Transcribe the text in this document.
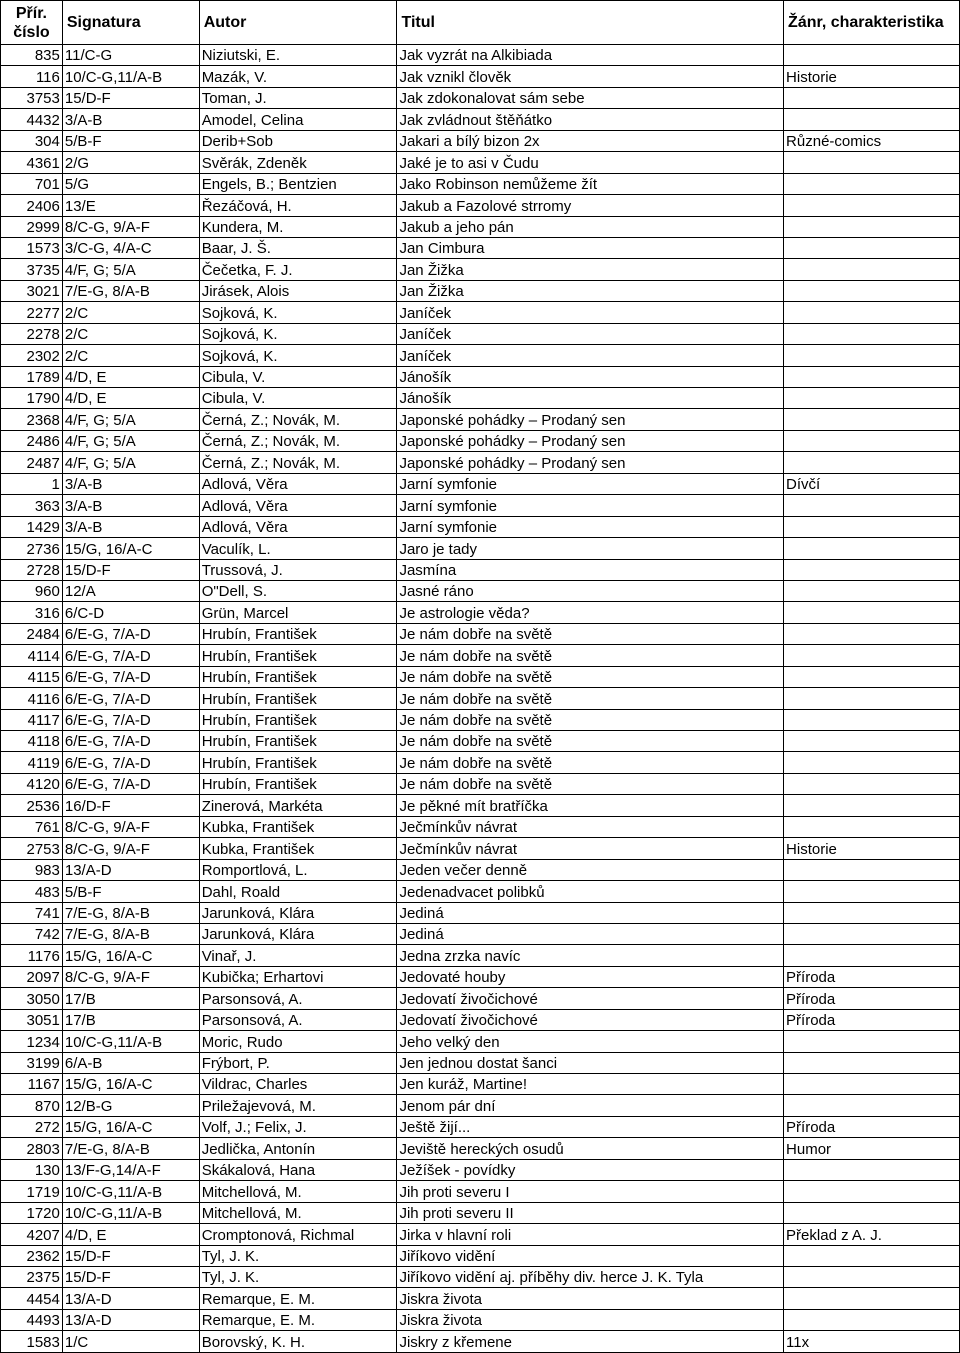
Přír.
číslo	Signatura	Autor	Titul	Žánr, charakteristika
835	11/C-G	Niziutski, E.	Jak vyzrát na Alkibiada	
116	10/C-G,11/A-B	Mazák, V.	Jak vznikl člověk	Historie
3753	15/D-F	Toman, J.	Jak zdokonalovat sám sebe	
4432	3/A-B	Amodel, Celina	Jak zvládnout štěňátko	
304	5/B-F	Derib+Sob	Jakari a bílý bizon 2x	Různé-comics
4361	2/G	Svěrák, Zdeněk	Jaké je to asi v Čudu	
701	5/G	Engels, B.; Bentzien	Jako Robinson nemůžeme žít	
2406	13/E	Řezáčová, H.	Jakub a Fazolové strromy	
2999	8/C-G, 9/A-F	Kundera, M.	Jakub a jeho pán	
1573	3/C-G, 4/A-C	Baar, J. Š.	Jan Cimbura	
3735	4/F, G; 5/A	Čečetka, F. J.	Jan Žižka	
3021	7/E-G, 8/A-B	Jirásek, Alois	Jan Žižka	
2277	2/C	Sojková, K.	Janíček	
2278	2/C	Sojková, K.	Janíček	
2302	2/C	Sojková, K.	Janíček	
1789	4/D, E	Cibula, V.	Jánošík	
1790	4/D, E	Cibula, V.	Jánošík	
2368	4/F, G; 5/A	Černá, Z.; Novák, M.	Japonské pohádky – Prodaný sen	
2486	4/F, G; 5/A	Černá, Z.; Novák, M.	Japonské pohádky – Prodaný sen	
2487	4/F, G; 5/A	Černá, Z.; Novák, M.	Japonské pohádky – Prodaný sen	
1	3/A-B	Adlová, Věra	Jarní symfonie	Dívčí
363	3/A-B	Adlová, Věra	Jarní symfonie	
1429	3/A-B	Adlová, Věra	Jarní symfonie	
2736	15/G, 16/A-C	Vaculík, L.	Jaro je tady	
2728	15/D-F	Trussová, J.	Jasmína	
960	12/A	O"Dell, S.	Jasné ráno	
316	6/C-D	Grün, Marcel	Je astrologie věda?	
2484	6/E-G, 7/A-D	Hrubín, František	Je nám dobře na světě	
4114	6/E-G, 7/A-D	Hrubín, František	Je nám dobře na světě	
4115	6/E-G, 7/A-D	Hrubín, František	Je nám dobře na světě	
4116	6/E-G, 7/A-D	Hrubín, František	Je nám dobře na světě	
4117	6/E-G, 7/A-D	Hrubín, František	Je nám dobře na světě	
4118	6/E-G, 7/A-D	Hrubín, František	Je nám dobře na světě	
4119	6/E-G, 7/A-D	Hrubín, František	Je nám dobře na světě	
4120	6/E-G, 7/A-D	Hrubín, František	Je nám dobře na světě	
2536	16/D-F	Zinerová, Markéta	Je pěkné mít bratříčka	
761	8/C-G, 9/A-F	Kubka, František	Ječmínkův návrat	
2753	8/C-G, 9/A-F	Kubka, František	Ječmínkův návrat	Historie
983	13/A-D	Romportlová, L.	Jeden večer denně	
483	5/B-F	Dahl, Roald	Jedenadvacet polibků	
741	7/E-G, 8/A-B	Jarunková, Klára	Jediná	
742	7/E-G, 8/A-B	Jarunková, Klára	Jediná	
1176	15/G, 16/A-C	Vinař, J.	Jedna zrzka navíc	
2097	8/C-G, 9/A-F	Kubička; Erhartovi	Jedovaté houby	Příroda
3050	17/B	Parsonsová, A.	Jedovatí živočichové	Příroda
3051	17/B	Parsonsová, A.	Jedovatí živočichové	Příroda
1234	10/C-G,11/A-B	Moric, Rudo	Jeho velký den	
3199	6/A-B	Frýbort, P.	Jen jednou dostat šanci	
1167	15/G, 16/A-C	Vildrac, Charles	Jen kuráž, Martine!	
870	12/B-G	Priležajevová, M.	Jenom pár dní	
272	15/G, 16/A-C	Volf, J.; Felix, J.	Ještě žijí...	Příroda
2803	7/E-G, 8/A-B	Jedlička, Antonín	Jeviště hereckých osudů	Humor
130	13/F-G,14/A-F	Skákalová, Hana	Ježíšek - povídky	
1719	10/C-G,11/A-B	Mitchellová, M.	Jih proti severu I	
1720	10/C-G,11/A-B	Mitchellová, M.	Jih proti severu II	
4207	4/D, E	Cromptonová, Richmal	Jirka v hlavní roli	Překlad z A. J.
2362	15/D-F	Tyl, J. K.	Jiříkovo vidění	
2375	15/D-F	Tyl, J. K.	Jiříkovo vidění aj. příběhy div. herce J. K. Tyla	
4454	13/A-D	Remarque, E. M.	Jiskra života	
4493	13/A-D	Remarque, E. M.	Jiskra života	
1583	1/C	Borovský, K. H.	Jiskry z křemene	11x
